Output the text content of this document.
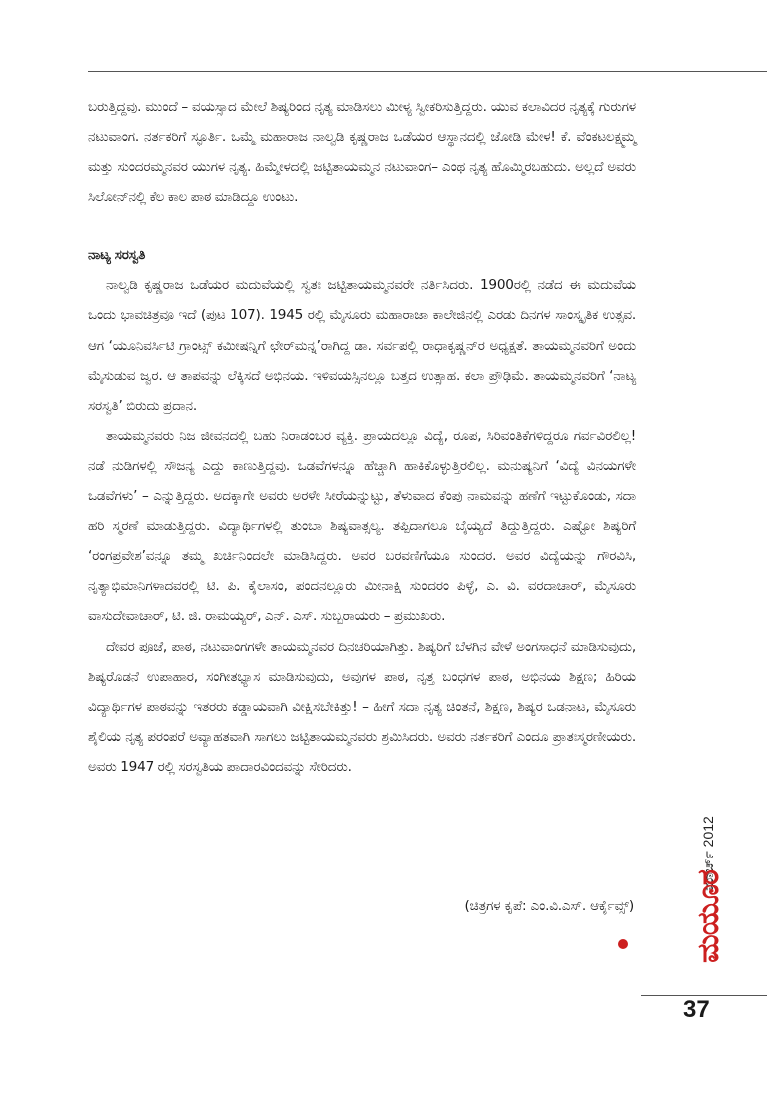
ಬರುತ್ತಿದ್ದವು. ಮುಂದೆ – ವಯಸ್ಸಾದ ಮೇಲೆ ಶಿಷ್ಯರಿಂದ ನೃತ್ಯ ಮಾಡಿಸಲು ಮೀಳ್ಯ ಸ್ವೀಕರಿಸುತ್ತಿದ್ದರು. ಯುವ ಕಲಾವಿದರ ನೃತ್ಯಕ್ಕೆ ಗುರುಗಳ ನಟುವಾಂಗ. ನರ್ತಕರಿಗೆ ಸ್ಫೂರ್ತಿ. ಒಮ್ಮೆ ಮಹಾರಾಜ ನಾಲ್ವಡಿ ಕೃಷ್ಣರಾಜ ಒಡೆಯರ ಆಸ್ಥಾನದಲ್ಲಿ ಜೋಡಿ ಮೇಳ! ಕೆ. ವೆಂಕಟಲಕ್ಷ್ಮಮ್ಮ ಮತ್ತು ಸುಂದರಮ್ಮನವರ ಯುಗಳ ನೃತ್ಯ. ಹಿಮ್ಮೇಳದಲ್ಲಿ ಜಟ್ಟಿತಾಯಮ್ಮನ ನಟುವಾಂಗ– ಎಂಥ ನೃತ್ಯ ಹೊಮ್ಮಿರಬಹುದು. ಅಲ್ಲದೆ ಅವರು ಸಿಲೋನ್‌ನಲ್ಲಿ ಕೆಲ ಕಾಲ ಪಾಠ ಮಾಡಿದ್ದೂ ಉಂಟು.

ನಾಟ್ಯ ಸರಸ್ವತಿ

ನಾಲ್ವಡಿ ಕೃಷ್ಣರಾಜ ಒಡೆಯರ ಮದುವೆಯಲ್ಲಿ ಸ್ವತಃ ಜಟ್ಟಿತಾಯಮ್ಮನವರೇ ನರ್ತಿಸಿದರು. 1900ರಲ್ಲಿ ನಡೆದ ಈ ಮದುವೆಯ ಒಂದು ಭಾವಚಿತ್ರವೂ ಇದೆ (ಪುಟ 107). 1945 ರಲ್ಲಿ ಮೈಸೂರು ಮಹಾರಾಜಾ ಕಾಲೇಜಿನಲ್ಲಿ ಎರಡು ದಿನಗಳ ಸಾಂಸ್ಕೃತಿಕ ಉತ್ಸವ. ಆಗ ‘ಯೂನಿವರ್ಸಿಟಿ ಗ್ರಾಂಟ್ಸ್ ಕಮೀಷನ್ನಿಗೆ ಛೇರ್‌ಮನ್ನ’ರಾಗಿದ್ದ ಡಾ. ಸರ್ವಪಲ್ಲಿ ರಾಧಾಕೃಷ್ಣನ್‌ರ ಅಧ್ಯಕ್ಷತೆ. ತಾಯಮ್ಮನವರಿಗೆ ಅಂದು ಮೈಸುಡುವ ಜ್ವರ. ಆ ತಾಪವನ್ನು ಲೆಕ್ಕಿಸದೆ ಅಭಿನಯ. ಇಳಿವಯಸ್ಸಿನಲ್ಲೂ ಬತ್ತದ ಉತ್ಸಾಹ. ಕಲಾ ಪ್ರೌಢಿಮೆ. ತಾಯಮ್ಮನವರಿಗೆ ‘ನಾಟ್ಯ ಸರಸ್ವತಿ’ ಬಿರುದು ಪ್ರದಾನ.

ತಾಯಮ್ಮನವರು ನಿಜ ಜೀವನದಲ್ಲಿ ಬಹು ನಿರಾಡಂಬರ ವ್ಯಕ್ತಿ. ಪ್ರಾಯದಲ್ಲೂ ವಿದ್ಯೆ, ರೂಪ, ಸಿರಿವಂತಿಕೆಗಳಿದ್ದರೂ ಗರ್ವವಿರಲಿಲ್ಲ! ನಡೆ ನುಡಿಗಳಲ್ಲಿ ಸೌಜನ್ಯ ಎದ್ದು ಕಾಣುತ್ತಿದ್ದವು. ಒಡವೆಗಳನ್ನೂ ಹೆಚ್ಚಾಗಿ ಹಾಕಿಕೊಳ್ಳುತ್ತಿರಲಿಲ್ಲ. ಮನುಷ್ಯನಿಗೆ ‘ವಿದ್ಯೆ ವಿನಯಗಳೇ ಒಡವೆಗಳು’ – ಎನ್ನುತ್ತಿದ್ದರು. ಅದಕ್ಕಾಗೇ ಅವರು ಅರಳೇ ಸೀರೆಯನ್ನುಟ್ಟು, ತೆಳುವಾದ ಕೆಂಪು ನಾಮವನ್ನು ಹಣೆಗೆ ಇಟ್ಟುಕೊಂಡು, ಸದಾ ಹರಿ ಸ್ಮರಣೆ ಮಾಡುತ್ತಿದ್ದರು. ವಿದ್ಯಾರ್ಥಿಗಳಲ್ಲಿ ತುಂಬಾ ಶಿಷ್ಯವಾತ್ಸಲ್ಯ. ತಪ್ಪಿದಾಗಲೂ ಬೈಯ್ಯದೆ ತಿದ್ದುತ್ತಿದ್ದರು. ಎಷ್ಟೋ ಶಿಷ್ಯರಿಗೆ ‘ರಂಗಪ್ರವೇಶ’ವನ್ನೂ ತಮ್ಮ ಖರ್ಚಿನಿಂದಲೇ ಮಾಡಿಸಿದ್ದರು. ಅವರ ಬರವಣಿಗೆಯೂ ಸುಂದರ. ಅವರ ವಿದ್ಯೆಯನ್ನು ಗೌರವಿಸಿ, ನೃತ್ಯಾಭಿಮಾನಿಗಳಾದವರಲ್ಲಿ ಟಿ. ಪಿ. ಕೈಲಾಸಂ, ಪಂದನಲ್ಲೂರು ಮೀನಾಕ್ಷಿ ಸುಂದರಂ ಪಿಳ್ಳೆ, ಎ. ವಿ. ವರದಾಚಾರ್, ಮೈಸೂರು ವಾಸುದೇವಾಚಾರ್, ಟಿ. ಜಿ. ರಾಮಯ್ಯರ್, ಎನ್. ಎಸ್. ಸುಬ್ಬರಾಯರು – ಪ್ರಮುಖರು.

ದೇವರ ಪೂಜೆ, ಪಾಠ, ನಟುವಾಂಗಗಳೇ ತಾಯಮ್ಮನವರ ದಿನಚರಿಯಾಗಿತ್ತು. ಶಿಷ್ಯರಿಗೆ ಬೆಳಗಿನ ವೇಳೆ ಅಂಗಸಾಧನೆ ಮಾಡಿಸುವುದು, ಶಿಷ್ಯರೊಡನೆ ಉಪಾಹಾರ, ಸಂಗೀತಭ್ಯಾಸ ಮಾಡಿಸುವುದು, ಅವುಗಳ ಪಾಠ, ನೃತ್ತ ಬಂಧಗಳ ಪಾಠ, ಅಭಿನಯ ಶಿಕ್ಷಣ; ಹಿರಿಯ ವಿದ್ಯಾರ್ಥಿಗಳ ಪಾಠವನ್ನು ಇತರರು ಕಡ್ಡಾಯವಾಗಿ ವೀಕ್ಷಿಸಬೇಕಿತ್ತು! – ಹೀಗೆ ಸದಾ ನೃತ್ಯ ಚಿಂತನೆ, ಶಿಕ್ಷಣ, ಶಿಷ್ಯರ ಒಡನಾಟ, ಮೈಸೂರು ಶೈಲಿಯ ನೃತ್ಯ ಪರಂಪರೆ ಅವ್ಯಾಹತವಾಗಿ ಸಾಗಲು ಜಟ್ಟಿತಾಯಮ್ಮನವರು ಶ್ರಮಿಸಿದರು. ಅವರು ನರ್ತಕರಿಗೆ ಎಂದೂ ಪ್ರಾತಃಸ್ಮರಣೀಯರು. ಅವರು 1947 ರಲ್ಲಿ ಸರಸ್ವತಿಯ ಪಾದಾರವಿಂದವನ್ನು ಸೇರಿದರು.

(ಚಿತ್ರಗಳ ಕೃಪೆ: ಎಂ.ವಿ.ಎಸ್. ಆರ್ಕೈವ್ಸ್)
ಮಾರ್ಚ್ 2012
ಮಯೂರ
37
